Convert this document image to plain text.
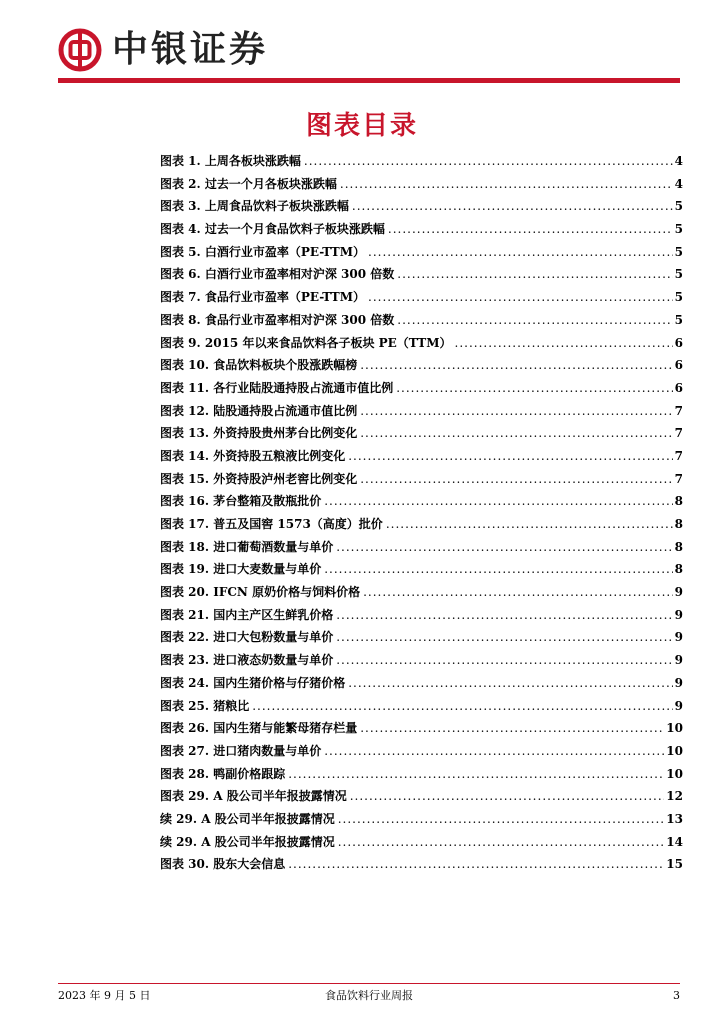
中银证券
图表目录
图表 1. 上周各板块涨跌幅 .....	4
图表 2. 过去一个月各板块涨跌幅 .....	4
图表 3. 上周食品饮料子板块涨跌幅 .....	5
图表 4. 过去一个月食品饮料子板块涨跌幅 .....	5
图表 5. 白酒行业市盈率（PE-TTM） .....	5
图表 6. 白酒行业市盈率相对沪深 300 倍数 .....	5
图表 7. 食品行业市盈率（PE-TTM） .....	5
图表 8. 食品行业市盈率相对沪深 300 倍数 .....	5
图表 9. 2015 年以来食品饮料各子板块 PE（TTM） .....	6
图表 10. 食品饮料板块个股涨跌幅榜 .....	6
图表 11. 各行业陆股通持股占流通市值比例 .....	6
图表 12. 陆股通持股占流通市值比例 .....	7
图表 13. 外资持股贵州茅台比例变化 .....	7
图表 14. 外资持股五粮液比例变化 .....	7
图表 15. 外资持股泸州老窖比例变化 .....	7
图表 16. 茅台整箱及散瓶批价 .....	8
图表 17. 普五及国窖 1573（高度）批价 .....	8
图表 18. 进口葡萄酒数量与单价 .....	8
图表 19. 进口大麦数量与单价 .....	8
图表 20. IFCN 原奶价格与饲料价格 .....	9
图表 21. 国内主产区生鲜乳价格 .....	9
图表 22. 进口大包粉数量与单价 .....	9
图表 23. 进口液态奶数量与单价 .....	9
图表 24. 国内生猪价格与仔猪价格 .....	9
图表 25. 猪粮比 .....	9
图表 26. 国内生猪与能繁母猪存栏量 .....	10
图表 27. 进口猪肉数量与单价 .....	10
图表 28. 鸭副价格跟踪 .....	10
图表 29. A 股公司半年报披露情况 .....	12
续 29. A 股公司半年报披露情况 .....	13
续 29. A 股公司半年报披露情况 .....	14
图表 30. 股东大会信息 .....	15
2023 年 9 月 5 日	食品饮料行业周报	3
